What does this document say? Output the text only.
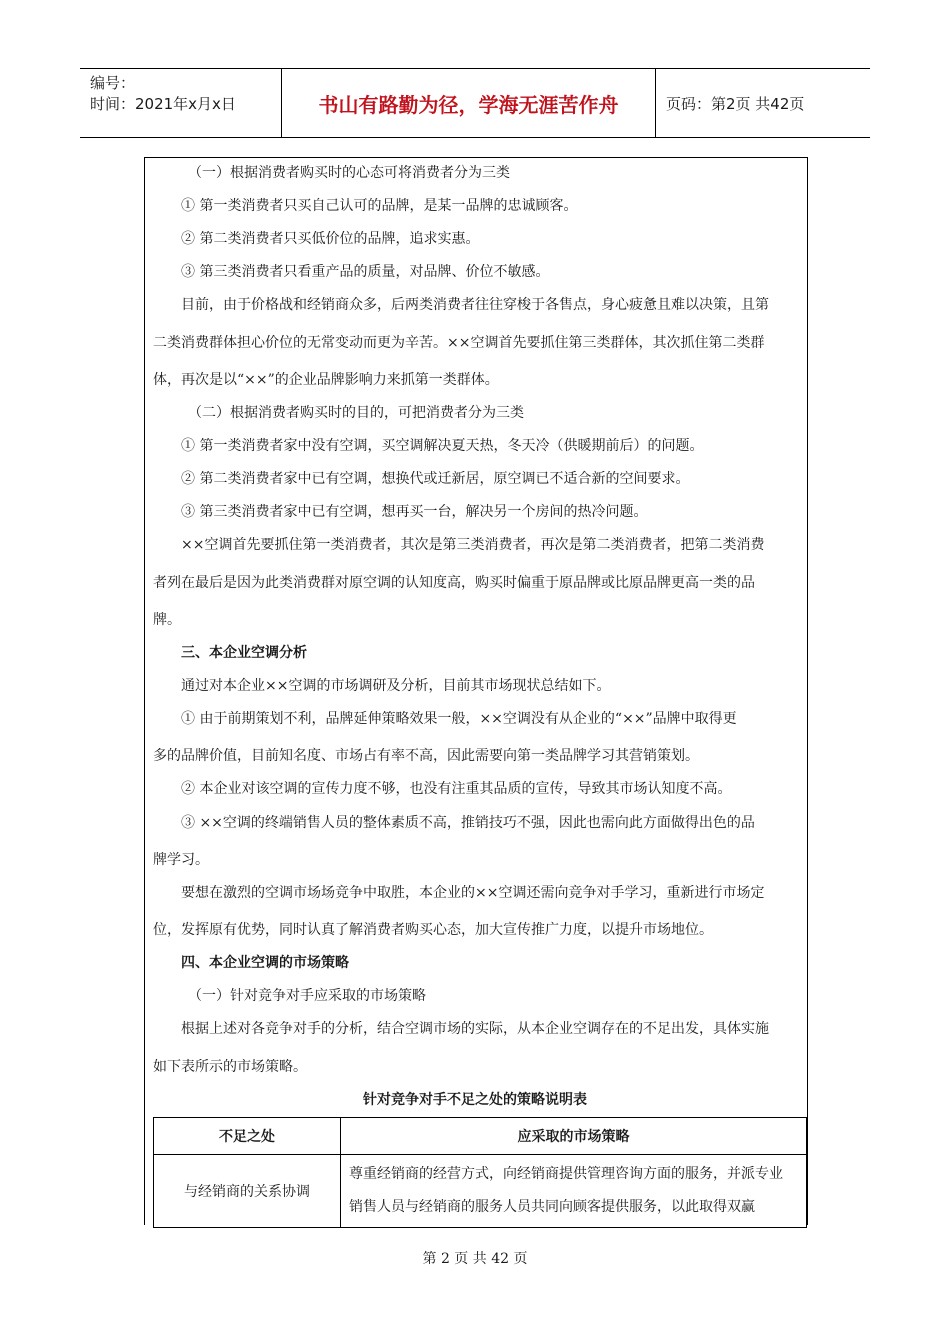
编号：
时间：2021年x月x日	书山有路勤为径，学海无涯苦作舟	页码：第2页 共42页
（一）根据消费者购买时的心态可将消费者分为三类
① 第一类消费者只买自己认可的品牌，是某一品牌的忠诚顾客。
② 第二类消费者只买低价位的品牌，追求实惠。
③ 第三类消费者只看重产品的质量，对品牌、价位不敏感。
目前，由于价格战和经销商众多，后两类消费者往往穿梭于各售点，身心疲惫且难以决策，且第
二类消费群体担心价位的无常变动而更为辛苦。××空调首先要抓住第三类群体，其次抓住第二类群
体，再次是以“××”的企业品牌影响力来抓第一类群体。
（二）根据消费者购买时的目的，可把消费者分为三类
① 第一类消费者家中没有空调，买空调解决夏天热，冬天冷（供暖期前后）的问题。
② 第二类消费者家中已有空调，想换代或迁新居，原空调已不适合新的空间要求。
③ 第三类消费者家中已有空调，想再买一台，解决另一个房间的热冷问题。
××空调首先要抓住第一类消费者，其次是第三类消费者，再次是第二类消费者，把第二类消费
者列在最后是因为此类消费群对原空调的认知度高，购买时偏重于原品牌或比原品牌更高一类的品
牌。
三、本企业空调分析
通过对本企业××空调的市场调研及分析，目前其市场现状总结如下。
① 由于前期策划不利，品牌延伸策略效果一般，××空调没有从企业的“××”品牌中取得更
多的品牌价值，目前知名度、市场占有率不高，因此需要向第一类品牌学习其营销策划。
② 本企业对该空调的宣传力度不够，也没有注重其品质的宣传，导致其市场认知度不高。
③ ××空调的终端销售人员的整体素质不高，推销技巧不强，因此也需向此方面做得出色的品
牌学习。
要想在激烈的空调市场场竞争中取胜，本企业的××空调还需向竞争对手学习，重新进行市场定
位，发挥原有优势，同时认真了解消费者购买心态，加大宣传推广力度，以提升市场地位。
四、本企业空调的市场策略
（一）针对竞争对手应采取的市场策略
根据上述对各竞争对手的分析，结合空调市场的实际，从本企业空调存在的不足出发，具体实施
如下表所示的市场策略。
针对竞争对手不足之处的策略说明表
不足之处	应采取的市场策略
与经销商的关系协调	尊重经销商的经营方式，向经销商提供管理咨询方面的服务，并派专业
销售人员与经销商的服务人员共同向顾客提供服务，以此取得双赢
第 2 页 共 42 页
